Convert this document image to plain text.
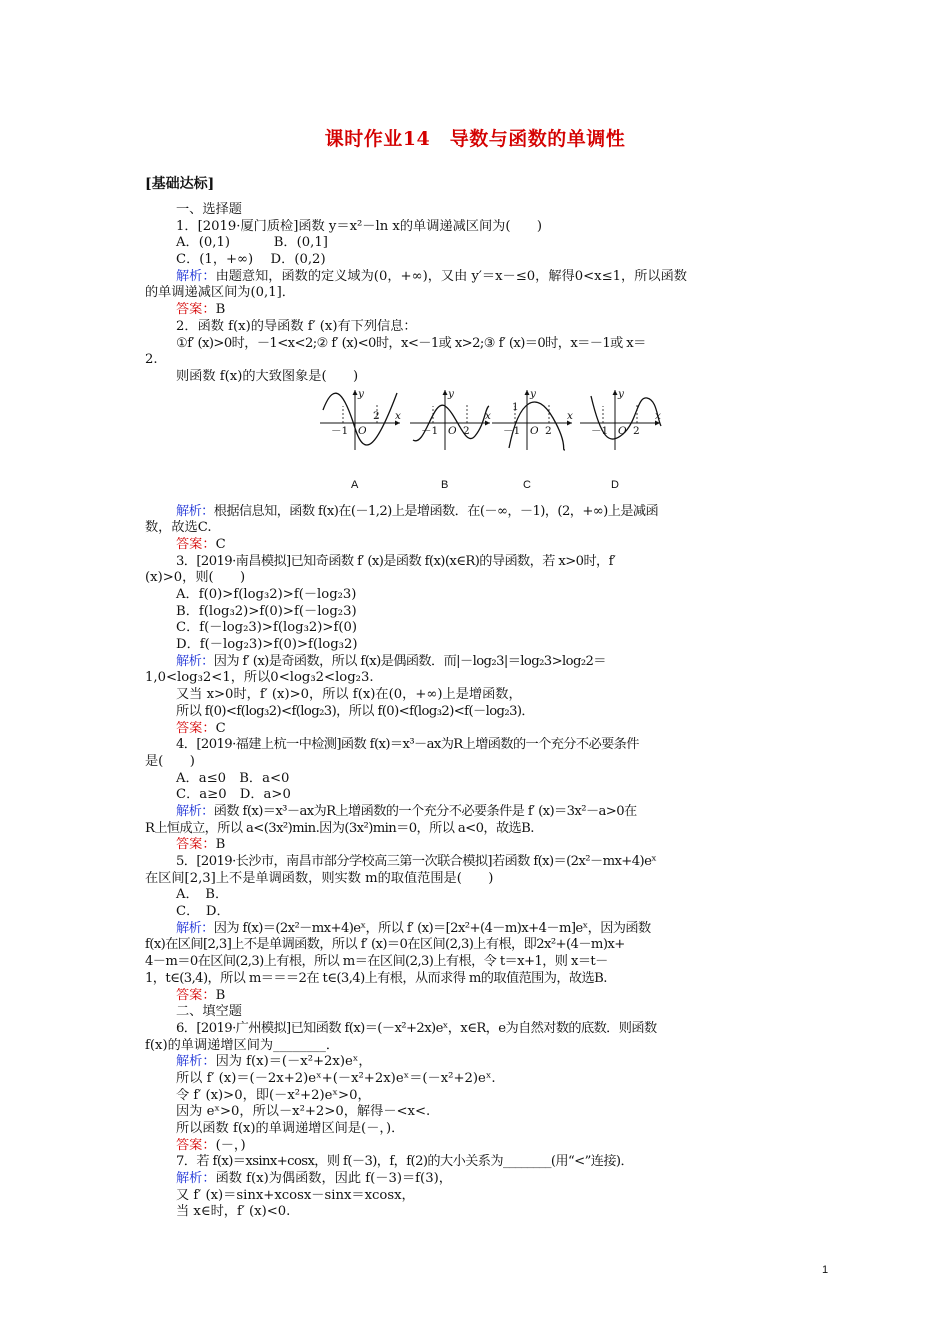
课时作业14　导数与函数的单调性
[基础达标]
一、选择题
1．[2019·厦门质检]函数 y＝x²－ln x的单调递减区间为(　　)
A．(0,1)　　　 B．(0,1]
C．(1，+∞)　 D．(0,2)
解析：由题意知，函数的定义域为(0，+∞)，又由 y′＝x－≤0，解得0<x≤1，所以函数
的单调递减区间为(0,1]．
答案：B
2．函数 f(x)的导函数 f′ (x)有下列信息：
①f′ (x)>0时，－1<x<2;② f′ (x)<0时，x<－1或 x>2;③ f′ (x)＝0时，x＝－1或 x＝
2.
则函数 f(x)的大致图象是(　　)
y
x
O
－1
2
A
y
x
O
－1 2
B
y
x
O
－1
1
2
C
y
x
O
－1 2
D
解析：根据信息知，函数 f(x)在(－1,2)上是增函数．在(－∞，－1)，(2，+∞)上是减函
数，故选C.
答案：C
3．[2019·南昌模拟]已知奇函数 f′ (x)是函数 f(x)(x∈R)的导函数，若 x>0时，f′
(x)>0，则(　　)
A．f(0)>f(log₃2)>f(－log₂3)
B．f(log₃2)>f(0)>f(－log₂3)
C．f(－log₂3)>f(log₃2)>f(0)
D．f(－log₂3)>f(0)>f(log₃2)
解析：因为 f′ (x)是奇函数，所以 f(x)是偶函数．而|－log₂3|＝log₂3>log₂2＝
1,0<log₃2<1，所以0<log₃2<log₂3.
又当 x>0时，f′ (x)>0，所以 f(x)在(0，+∞)上是增函数，
所以 f(0)<f(log₃2)<f(log₂3)，所以 f(0)<f(log₃2)<f(－log₂3)．
答案：C
4．[2019·福建上杭一中检测]函数 f(x)＝x³－ax为R上增函数的一个充分不必要条件
是(　　)
A．a≤0　B．a<0
C．a≥0　D．a>0
解析：函数 f(x)＝x³－ax为R上增函数的一个充分不必要条件是 f′ (x)＝3x²－a>0在
R上恒成立，所以 a<(3x²)min.因为(3x²)min＝0，所以 a<0，故选B.
答案：B
5．[2019·长沙市，南昌市部分学校高三第一次联合模拟]若函数 f(x)＝(2x²－mx+4)eˣ
在区间[2,3]上不是单调函数，则实数 m的取值范围是(　　)
A．　B．
C．　D．
解析：因为 f(x)＝(2x²－mx+4)eˣ，所以 f′ (x)＝[2x²+(4－m)x+4－m]eˣ，因为函数
f(x)在区间[2,3]上不是单调函数，所以 f′ (x)＝0在区间(2,3)上有根，即2x²+(4－m)x+
4－m＝0在区间(2,3)上有根，所以 m＝在区间(2,3)上有根，令 t＝x+1，则 x＝t－
1，t∈(3,4)，所以 m＝＝＝2在 t∈(3,4)上有根，从而求得 m的取值范围为，故选B.
答案：B
二、填空题
6．[2019·广州模拟]已知函数 f(x)＝(－x²+2x)eˣ，x∈R，e为自然对数的底数．则函数
f(x)的单调递增区间为________．
解析：因为 f(x)＝(－x²+2x)eˣ，
所以 f′ (x)＝(－2x+2)eˣ+(－x²+2x)eˣ＝(－x²+2)eˣ.
令 f′ (x)>0，即(－x²+2)eˣ>0，
因为 eˣ>0，所以－x²+2>0，解得－<x<.
所以函数 f(x)的单调递增区间是(－，)．
答案：(－，)
7．若 f(x)＝xsinx+cosx，则 f(－3)，f，f(2)的大小关系为________(用“<”连接)．
解析：函数 f(x)为偶函数，因此 f(－3)＝f(3)，
又 f′ (x)＝sinx+xcosx－sinx＝xcosx，
当 x∈时，f′ (x)<0.
1
